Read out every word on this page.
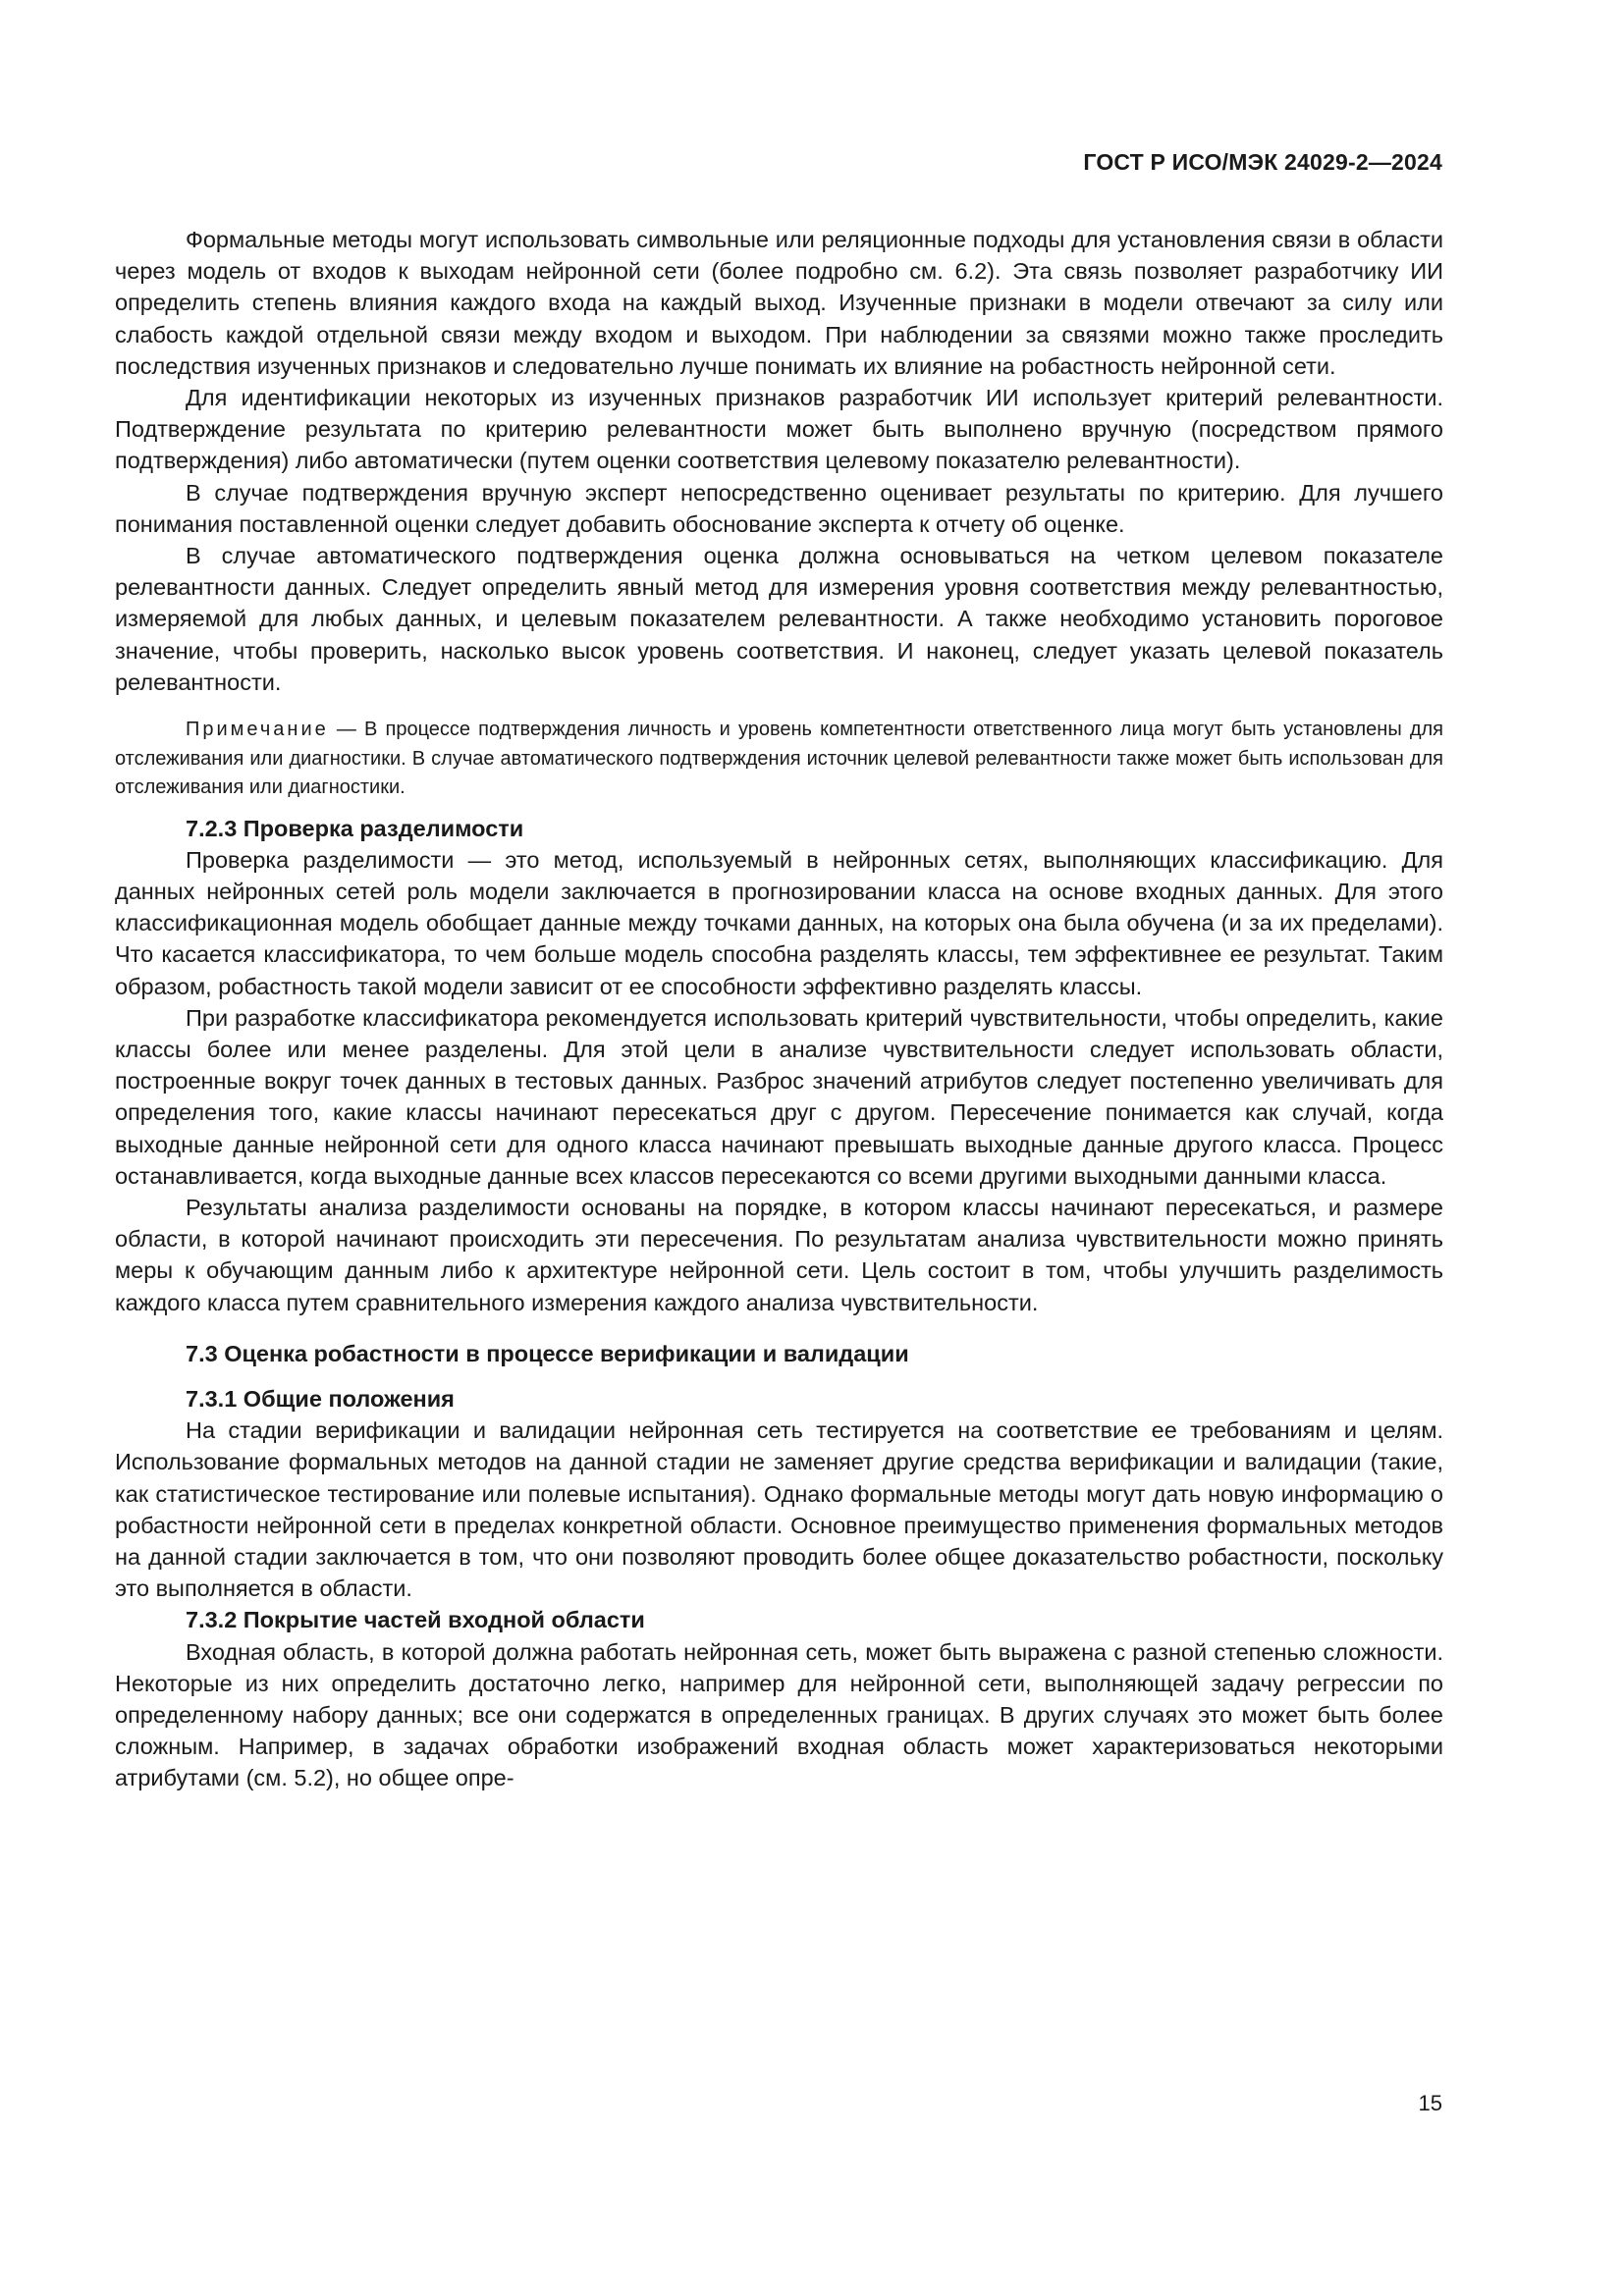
ГОСТ Р ИСО/МЭК 24029-2—2024

Формальные методы могут использовать символьные или реляционные подходы для установления связи в области через модель от входов к выходам нейронной сети (более подробно см. 6.2). Эта связь позволяет разработчику ИИ определить степень влияния каждого входа на каждый выход. Изученные признаки в модели отвечают за силу или слабость каждой отдельной связи между входом и выходом. При наблюдении за связями можно также проследить последствия изученных признаков и следовательно лучше понимать их влияние на робастность нейронной сети.

Для идентификации некоторых из изученных признаков разработчик ИИ использует критерий релевантности. Подтверждение результата по критерию релевантности может быть выполнено вручную (посредством прямого подтверждения) либо автоматически (путем оценки соответствия целевому показателю релевантности).

В случае подтверждения вручную эксперт непосредственно оценивает результаты по критерию. Для лучшего понимания поставленной оценки следует добавить обоснование эксперта к отчету об оценке.

В случае автоматического подтверждения оценка должна основываться на четком целевом показателе релевантности данных. Следует определить явный метод для измерения уровня соответствия между релевантностью, измеряемой для любых данных, и целевым показателем релевантности. А также необходимо установить пороговое значение, чтобы проверить, насколько высок уровень соответствия. И наконец, следует указать целевой показатель релевантности.

Примечание — В процессе подтверждения личность и уровень компетентности ответственного лица могут быть установлены для отслеживания или диагностики. В случае автоматического подтверждения источник целевой релевантности также может быть использован для отслеживания или диагностики.

7.2.3 Проверка разделимости

Проверка разделимости — это метод, используемый в нейронных сетях, выполняющих классификацию. Для данных нейронных сетей роль модели заключается в прогнозировании класса на основе входных данных. Для этого классификационная модель обобщает данные между точками данных, на которых она была обучена (и за их пределами). Что касается классификатора, то чем больше модель способна разделять классы, тем эффективнее ее результат. Таким образом, робастность такой модели зависит от ее способности эффективно разделять классы.

При разработке классификатора рекомендуется использовать критерий чувствительности, чтобы определить, какие классы более или менее разделены. Для этой цели в анализе чувствительности следует использовать области, построенные вокруг точек данных в тестовых данных. Разброс значений атрибутов следует постепенно увеличивать для определения того, какие классы начинают пересекаться друг с другом. Пересечение понимается как случай, когда выходные данные нейронной сети для одного класса начинают превышать выходные данные другого класса. Процесс останавливается, когда выходные данные всех классов пересекаются со всеми другими выходными данными класса.

Результаты анализа разделимости основаны на порядке, в котором классы начинают пересекаться, и размере области, в которой начинают происходить эти пересечения. По результатам анализа чувствительности можно принять меры к обучающим данным либо к архитектуре нейронной сети. Цель состоит в том, чтобы улучшить разделимость каждого класса путем сравнительного измерения каждого анализа чувствительности.

7.3 Оценка робастности в процессе верификации и валидации
7.3.1 Общие положения

На стадии верификации и валидации нейронная сеть тестируется на соответствие ее требованиям и целям. Использование формальных методов на данной стадии не заменяет другие средства верификации и валидации (такие, как статистическое тестирование или полевые испытания). Однако формальные методы могут дать новую информацию о робастности нейронной сети в пределах конкретной области. Основное преимущество применения формальных методов на данной стадии заключается в том, что они позволяют проводить более общее доказательство робастности, поскольку это выполняется в области.

7.3.2 Покрытие частей входной области

Входная область, в которой должна работать нейронная сеть, может быть выражена с разной степенью сложности. Некоторые из них определить достаточно легко, например для нейронной сети, выполняющей задачу регрессии по определенному набору данных; все они содержатся в определенных границах. В других случаях это может быть более сложным. Например, в задачах обработки изображений входная область может характеризоваться некоторыми атрибутами (см. 5.2), но общее опре-

15
